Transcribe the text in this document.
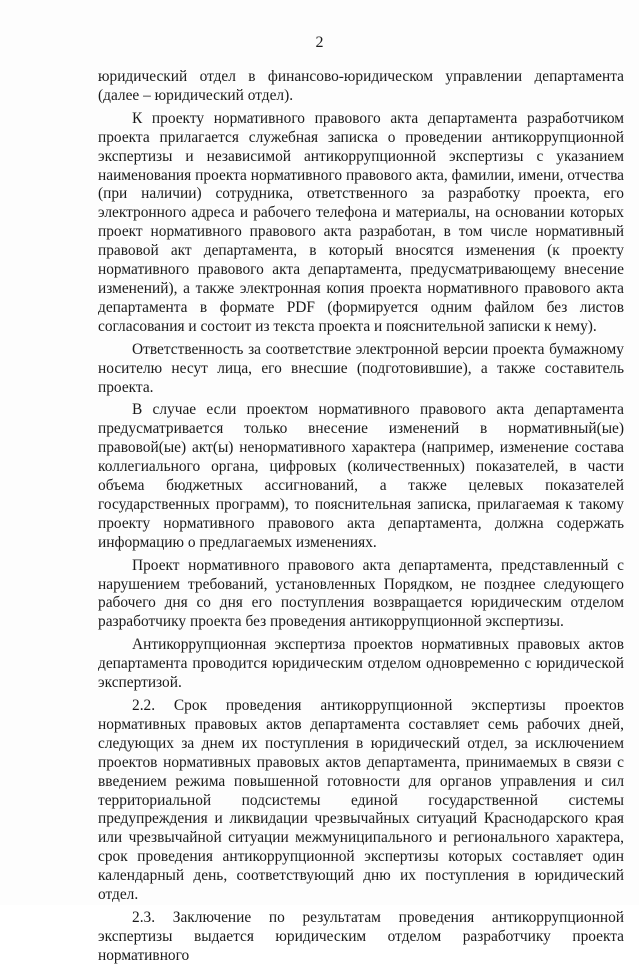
2

юридический отдел в финансово-юридическом управлении департамента (далее – юридический отдел).

К проекту нормативного правового акта департамента разработчиком проекта прилагается служебная записка о проведении антикоррупционной экспертизы и независимой антикоррупционной экспертизы с указанием наименования проекта нормативного правового акта, фамилии, имени, отчества (при наличии) сотрудника, ответственного за разработку проекта, его электронного адреса и рабочего телефона и материалы, на основании которых проект нормативного правового акта разработан, в том числе нормативный правовой акт департамента, в который вносятся изменения (к проекту нормативного правового акта департамента, предусматривающему внесение изменений), а также электронная копия проекта нормативного правового акта департамента в формате PDF (формируется одним файлом без листов согласования и состоит из текста проекта и пояснительной записки к нему).

Ответственность за соответствие электронной версии проекта бумажному носителю несут лица, его внесшие (подготовившие), а также составитель проекта.

В случае если проектом нормативного правового акта департамента предусматривается только внесение изменений в нормативный(ые) правовой(ые) акт(ы) ненормативного характера (например, изменение состава коллегиального органа, цифровых (количественных) показателей, в части объема бюджетных ассигнований, а также целевых показателей государственных программ), то пояснительная записка, прилагаемая к такому проекту нормативного правового акта департамента, должна содержать информацию о предлагаемых изменениях.

Проект нормативного правового акта департамента, представленный с нарушением требований, установленных Порядком, не позднее следующего рабочего дня со дня его поступления возвращается юридическим отделом разработчику проекта без проведения антикоррупционной экспертизы.

Антикоррупционная экспертиза проектов нормативных правовых актов департамента проводится юридическим отделом одновременно с юридической экспертизой.

2.2. Срок проведения антикоррупционной экспертизы проектов нормативных правовых актов департамента составляет семь рабочих дней, следующих за днем их поступления в юридический отдел, за исключением проектов нормативных правовых актов департамента, принимаемых в связи с введением режима повышенной готовности для органов управления и сил территориальной подсистемы единой государственной системы предупреждения и ликвидации чрезвычайных ситуаций Краснодарского края или чрезвычайной ситуации межмуниципального и регионального характера, срок проведения антикоррупционной экспертизы которых составляет один календарный день, соответствующий дню их поступления в юридический отдел.

2.3. Заключение по результатам проведения антикоррупционной экспертизы выдается юридическим отделом разработчику проекта нормативного
